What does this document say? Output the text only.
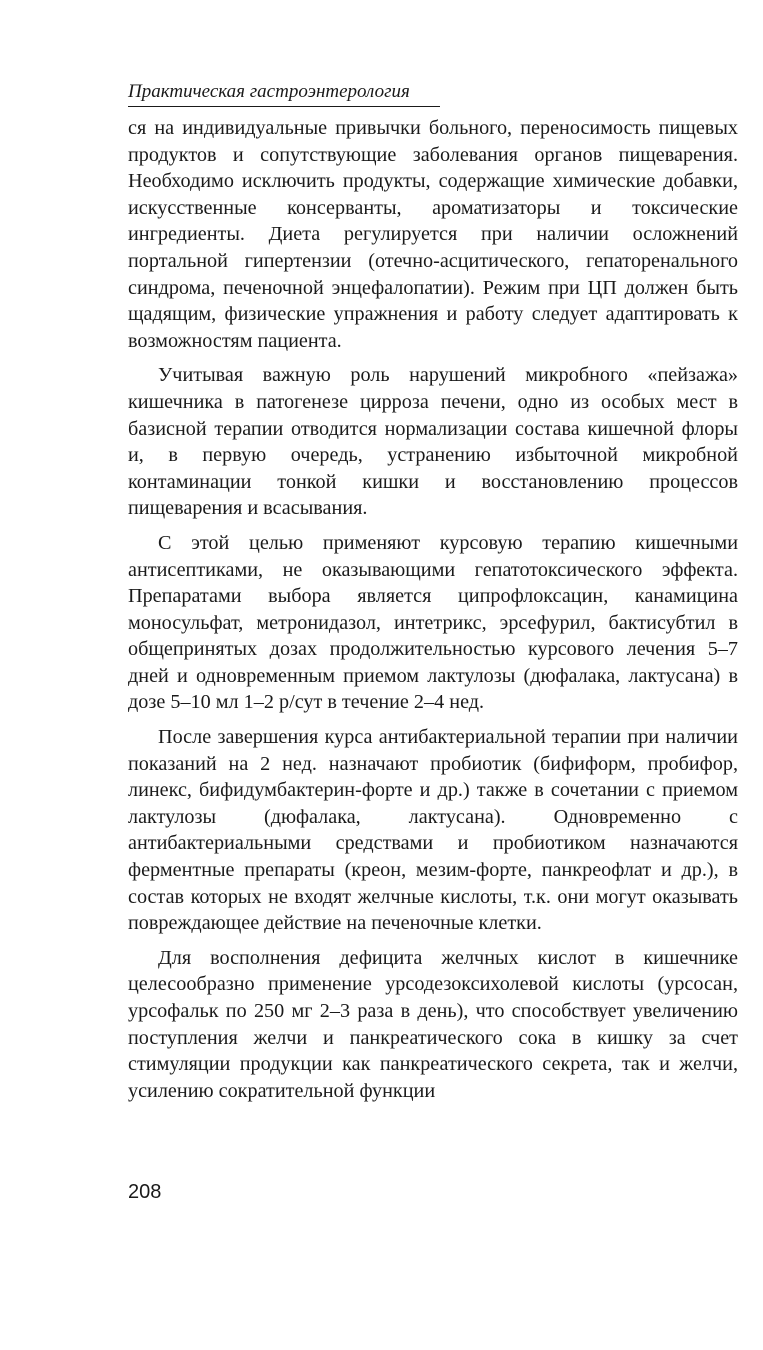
Практическая гастроэнтерология

ся на индивидуальные привычки больного, переносимость пищевых продуктов и сопутствующие заболевания органов пищеварения. Необходимо исключить продукты, содержащие химические добавки, искусственные консерванты, ароматизаторы и токсические ингредиенты. Диета регулируется при наличии осложнений портальной гипертензии (отечно-асцитического, гепаторенального синдрома, печеночной энцефалопатии). Режим при ЦП должен быть щадящим, физические упражнения и работу следует адаптировать к возможностям пациента.

Учитывая важную роль нарушений микробного «пейзажа» кишечника в патогенезе цирроза печени, одно из особых мест в базисной терапии отводится нормализации состава кишечной флоры и, в первую очередь, устранению избыточной микробной контаминации тонкой кишки и восстановлению процессов пищеварения и всасывания.

С этой целью применяют курсовую терапию кишечными антисептиками, не оказывающими гепатотоксического эффекта. Препаратами выбора является ципрофлоксацин, канамицина моносульфат, метронидазол, интетрикс, эрсефурил, бактисубтил в общепринятых дозах продолжительностью курсового лечения 5–7 дней и одновременным приемом лактулозы (дюфалака, лактусана) в дозе 5–10 мл 1–2 р/сут в течение 2–4 нед.

После завершения курса антибактериальной терапии при наличии показаний на 2 нед. назначают пробиотик (бифиформ, пробифор, линекс, бифидумбактерин-форте и др.) также в сочетании с приемом лактулозы (дюфалака, лактусана). Одновременно с антибактериальными средствами и пробиотиком назначаются ферментные препараты (креон, мезим-форте, панкреофлат и др.), в состав которых не входят желчные кислоты, т.к. они могут оказывать повреждающее действие на печеночные клетки.

Для восполнения дефицита желчных кислот в кишечнике целесообразно применение урсодезоксихолевой кислоты (урсосан, урсофальк по 250 мг 2–3 раза в день), что способствует увеличению поступления желчи и панкреатического сока в кишку за счет стимуляции продукции как панкреатического секрета, так и желчи, усилению сократительной функции

208
